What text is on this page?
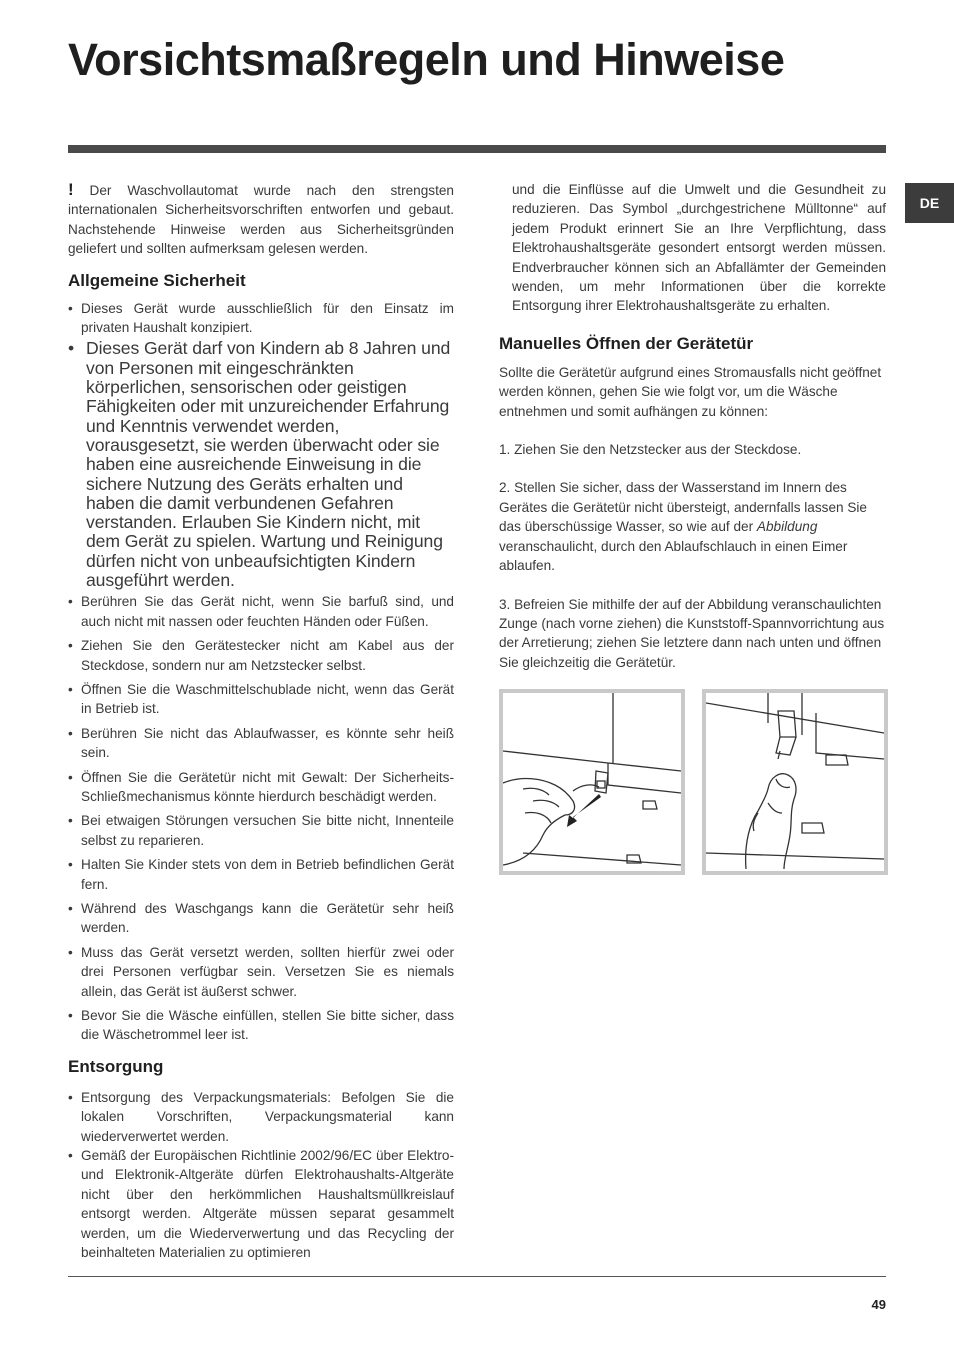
Vorsichtsmaßregeln und Hinweise
DE

! Der Waschvollautomat wurde nach den strengsten internationalen Sicherheitsvorschriften entworfen und gebaut. Nachstehende Hinweise werden aus Sicherheitsgründen geliefert und sollten aufmerksam gelesen werden.

Allgemeine Sicherheit
• Dieses Gerät wurde ausschließlich für den Einsatz im privaten Haushalt konzipiert.
• Dieses Gerät darf von Kindern ab 8 Jahren und von Personen mit eingeschränkten körperlichen, sensorischen oder geistigen Fähigkeiten oder mit unzureichender Erfahrung und Kenntnis verwendet werden, vorausgesetzt, sie werden überwacht oder sie haben eine ausreichende Einweisung in die sichere Nutzung des Geräts erhalten und haben die damit verbundenen Gefahren verstanden. Erlauben Sie Kindern nicht, mit dem Gerät zu spielen. Wartung und Reinigung dürfen nicht von unbeaufsichtigten Kindern ausgeführt werden.
• Berühren Sie das Gerät nicht, wenn Sie barfuß sind, und auch nicht mit nassen oder feuchten Händen oder Füßen.
• Ziehen Sie den Gerätestecker nicht am Kabel aus der Steckdose, sondern nur am Netzstecker selbst.
• Öffnen Sie die Waschmittelschublade nicht, wenn das Gerät in Betrieb ist.
• Berühren Sie nicht das Ablaufwasser, es könnte sehr heiß sein.
• Öffnen Sie die Gerätetür nicht mit Gewalt: Der Sicherheits-Schließmechanismus könnte hierdurch beschädigt werden.
• Bei etwaigen Störungen versuchen Sie bitte nicht, Innenteile selbst zu reparieren.
• Halten Sie Kinder stets von dem in Betrieb befindlichen Gerät fern.
• Während des Waschgangs kann die Gerätetür sehr heiß werden.
• Muss das Gerät versetzt werden, sollten hierfür zwei oder drei Personen verfügbar sein. Versetzen Sie es niemals allein, das Gerät ist äußerst schwer.
• Bevor Sie die Wäsche einfüllen, stellen Sie bitte sicher, dass die Wäschetrommel leer ist.
Entsorgung
• Entsorgung des Verpackungsmaterials: Befolgen Sie die lokalen Vorschriften, Verpackungsmaterial kann wiederverwertet werden.
• Gemäß der Europäischen Richtlinie 2002/96/EC über Elektro- und Elektronik-Altgeräte dürfen Elektrohaushalts-Altgeräte nicht über den herkömmlichen Haushaltsmüllkreislauf entsorgt werden. Altgeräte müssen separat gesammelt werden, um die Wiederverwertung und das Recycling der beinhalteten Materialien zu optimieren

und die Einflüsse auf die Umwelt und die Gesundheit zu reduzieren. Das Symbol „durchgestrichene Mülltonne“ auf jedem Produkt erinnert Sie an Ihre Verpflichtung, dass Elektrohaushaltsgeräte gesondert entsorgt werden müssen. Endverbraucher können sich an Abfallämter der Gemeinden wenden, um mehr Informationen über die korrekte Entsorgung ihrer Elektrohaushaltsgeräte zu erhalten.

Manuelles Öffnen der Gerätetür

Sollte die Gerätetür aufgrund eines Stromausfalls nicht geöffnet werden können, gehen Sie wie folgt vor, um die Wäsche entnehmen und somit aufhängen zu können:

1. Ziehen Sie den Netzstecker aus der Steckdose.

2. Stellen Sie sicher, dass der Wasserstand im Innern des Gerätes die Gerätetür nicht übersteigt, andernfalls lassen Sie das überschüssige Wasser, so wie auf der Abbildung veranschaulicht, durch den Ablaufschlauch in einen Eimer ablaufen.

3. Befreien Sie mithilfe der auf der Abbildung veranschaulichten Zunge (nach vorne ziehen) die Kunststoff-Spannvorrichtung aus der Arretierung; ziehen Sie letztere dann nach unten und öffnen Sie gleichzeitig die Gerätetür.

49
